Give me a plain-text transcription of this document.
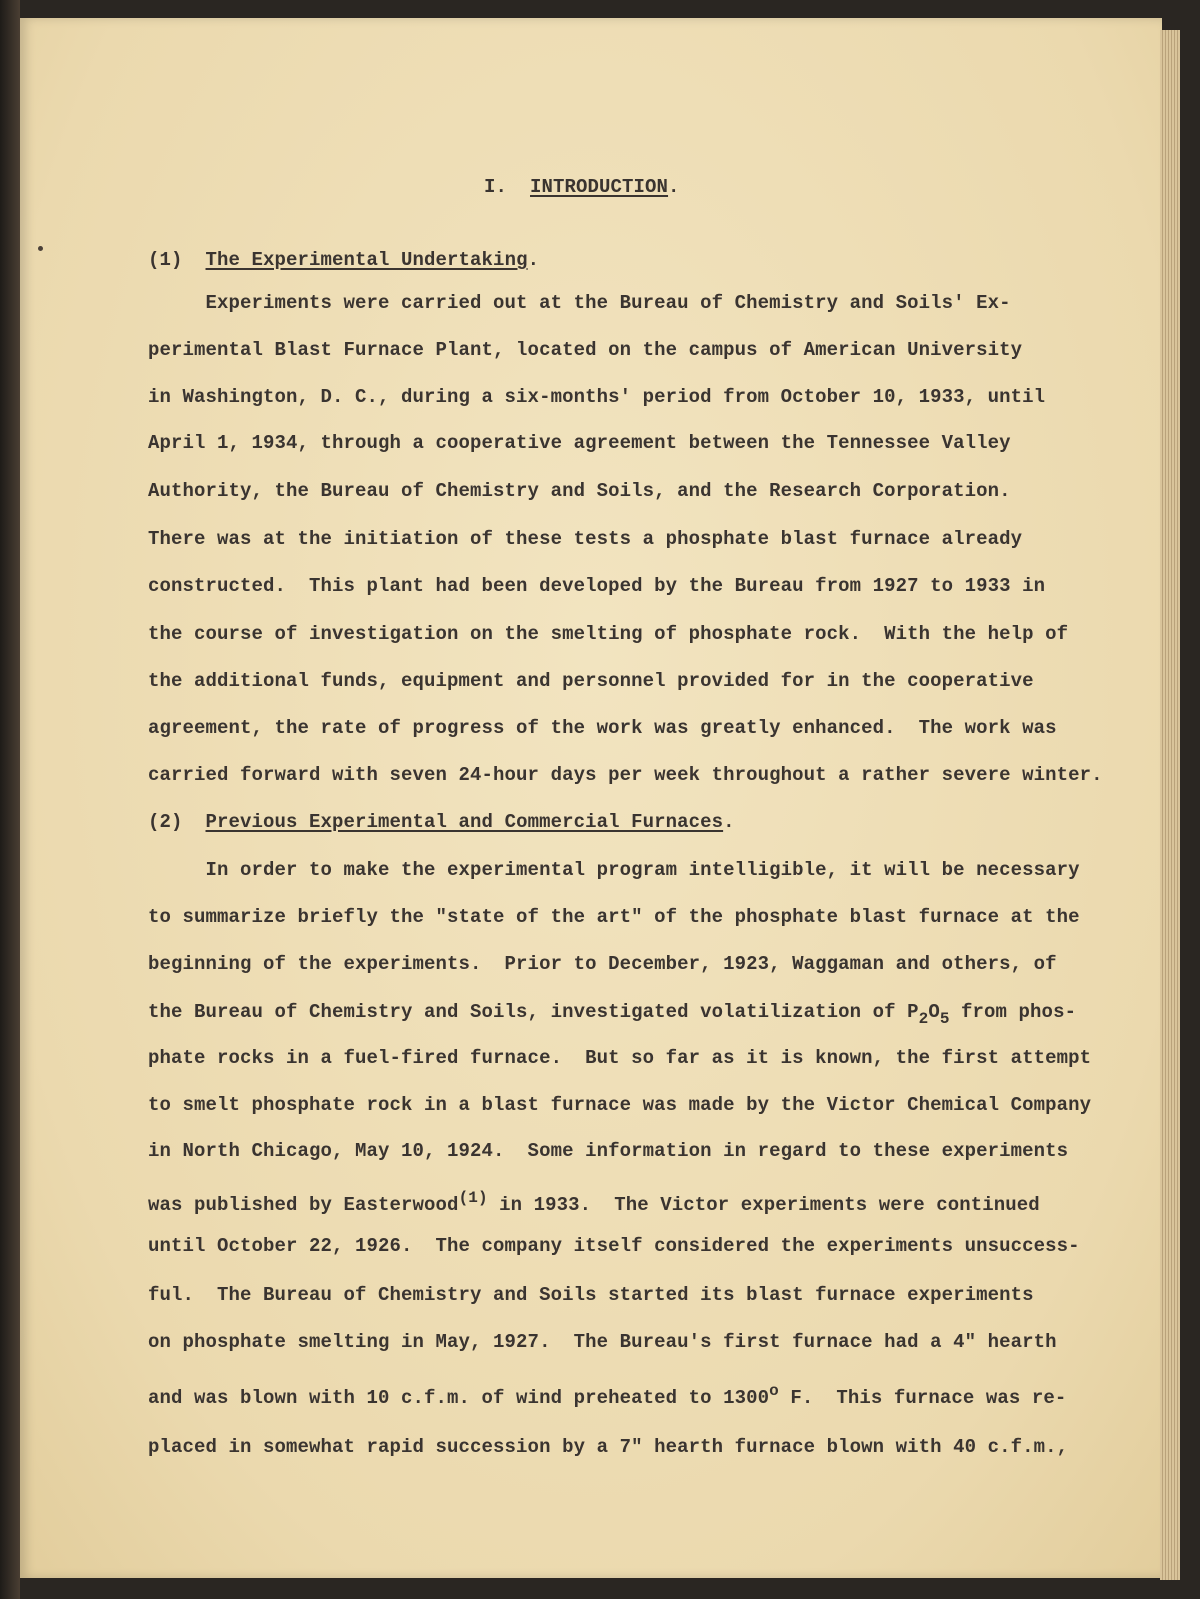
I.  INTRODUCTION.
(1)  The Experimental Undertaking.
Experiments were carried out at the Bureau of Chemistry and Soils' Ex-
perimental Blast Furnace Plant, located on the campus of American University
in Washington, D. C., during a six-months' period from October 10, 1933, until
April 1, 1934, through a cooperative agreement between the Tennessee Valley
Authority, the Bureau of Chemistry and Soils, and the Research Corporation.
There was at the initiation of these tests a phosphate blast furnace already
constructed.  This plant had been developed by the Bureau from 1927 to 1933 in
the course of investigation on the smelting of phosphate rock.  With the help of
the additional funds, equipment and personnel provided for in the cooperative
agreement, the rate of progress of the work was greatly enhanced.  The work was
carried forward with seven 24-hour days per week throughout a rather severe winter.
(2)  Previous Experimental and Commercial Furnaces.
In order to make the experimental program intelligible, it will be necessary
to summarize briefly the "state of the art" of the phosphate blast furnace at the
beginning of the experiments.  Prior to December, 1923, Waggaman and others, of
the Bureau of Chemistry and Soils, investigated volatilization of $P_2O_5$ from phos-
phate rocks in a fuel-fired furnace.  But so far as it is known, the first attempt
to smelt phosphate rock in a blast furnace was made by the Victor Chemical Company
in North Chicago, May 10, 1924.  Some information in regard to these experiments
was published by Easterwood$^{(1)}$ in 1933.  The Victor experiments were continued
until October 22, 1926.  The company itself considered the experiments unsuccess-
ful.  The Bureau of Chemistry and Soils started its blast furnace experiments
on phosphate smelting in May, 1927.  The Bureau's first furnace had a 4" hearth
and was blown with 10 c.f.m. of wind preheated to 1300$^o$ F.  This furnace was re-
placed in somewhat rapid succession by a 7" hearth furnace blown with 40 c.f.m.,
